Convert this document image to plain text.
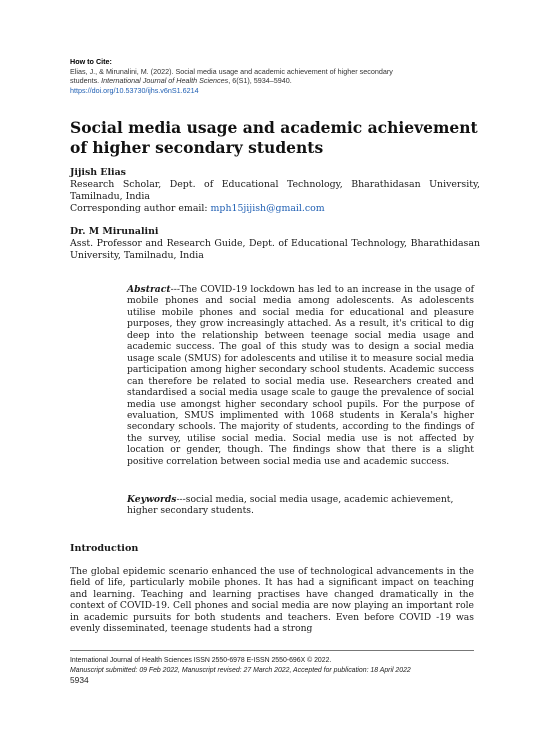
How to Cite:
Elias, J., & Mirunalini, M. (2022). Social media usage and academic achievement of higher secondary
students. International Journal of Health Sciences, 6(S1), 5934–5940.
https://doi.org/10.53730/ijhs.v6nS1.6214
Social media usage and academic achievement of higher secondary students
Jijish Elias
Research Scholar, Dept. of Educational Technology, Bharathidasan University, Tamilnadu, India
Corresponding author email: mph15jijish@gmail.com
Dr. M Mirunalini
Asst. Professor and Research Guide, Dept. of Educational Technology, Bharathidasan University, Tamilnadu, India

Abstract---The COVID-19 lockdown has led to an increase in the usage of mobile phones and social media among adolescents. As adolescents utilise mobile phones and social media for educational and pleasure purposes, they grow increasingly attached. As a result, it's critical to dig deep into the relationship between teenage social media usage and academic success. The goal of this study was to design a social media usage scale (SMUS) for adolescents and utilise it to measure social media participation among higher secondary school students. Academic success can therefore be related to social media use. Researchers created and standardised a social media usage scale to gauge the prevalence of social media use amongst higher secondary school pupils. For the purpose of evaluation, SMUS implimented with 1068 students in Kerala's higher secondary schools. The majority of students, according to the findings of the survey, utilise social media. Social media use is not affected by location or gender, though. The findings show that there is a slight positive correlation between social media use and academic success.

Keywords---social media, social media usage, academic achievement, higher secondary students.

Introduction

The global epidemic scenario enhanced the use of technological advancements in the field of life, particularly mobile phones. It has had a significant impact on teaching and learning. Teaching and learning practises have changed dramatically in the context of COVID-19. Cell phones and social media are now playing an important role in academic pursuits for both students and teachers. Even before COVID -19 was evenly disseminated, teenage students had a strong

International Journal of Health Sciences ISSN 2550-6978 E-ISSN 2550-696X © 2022.
Manuscript submitted: 09 Feb 2022, Manuscript revised: 27 March 2022, Accepted for publication: 18 April 2022
5934
